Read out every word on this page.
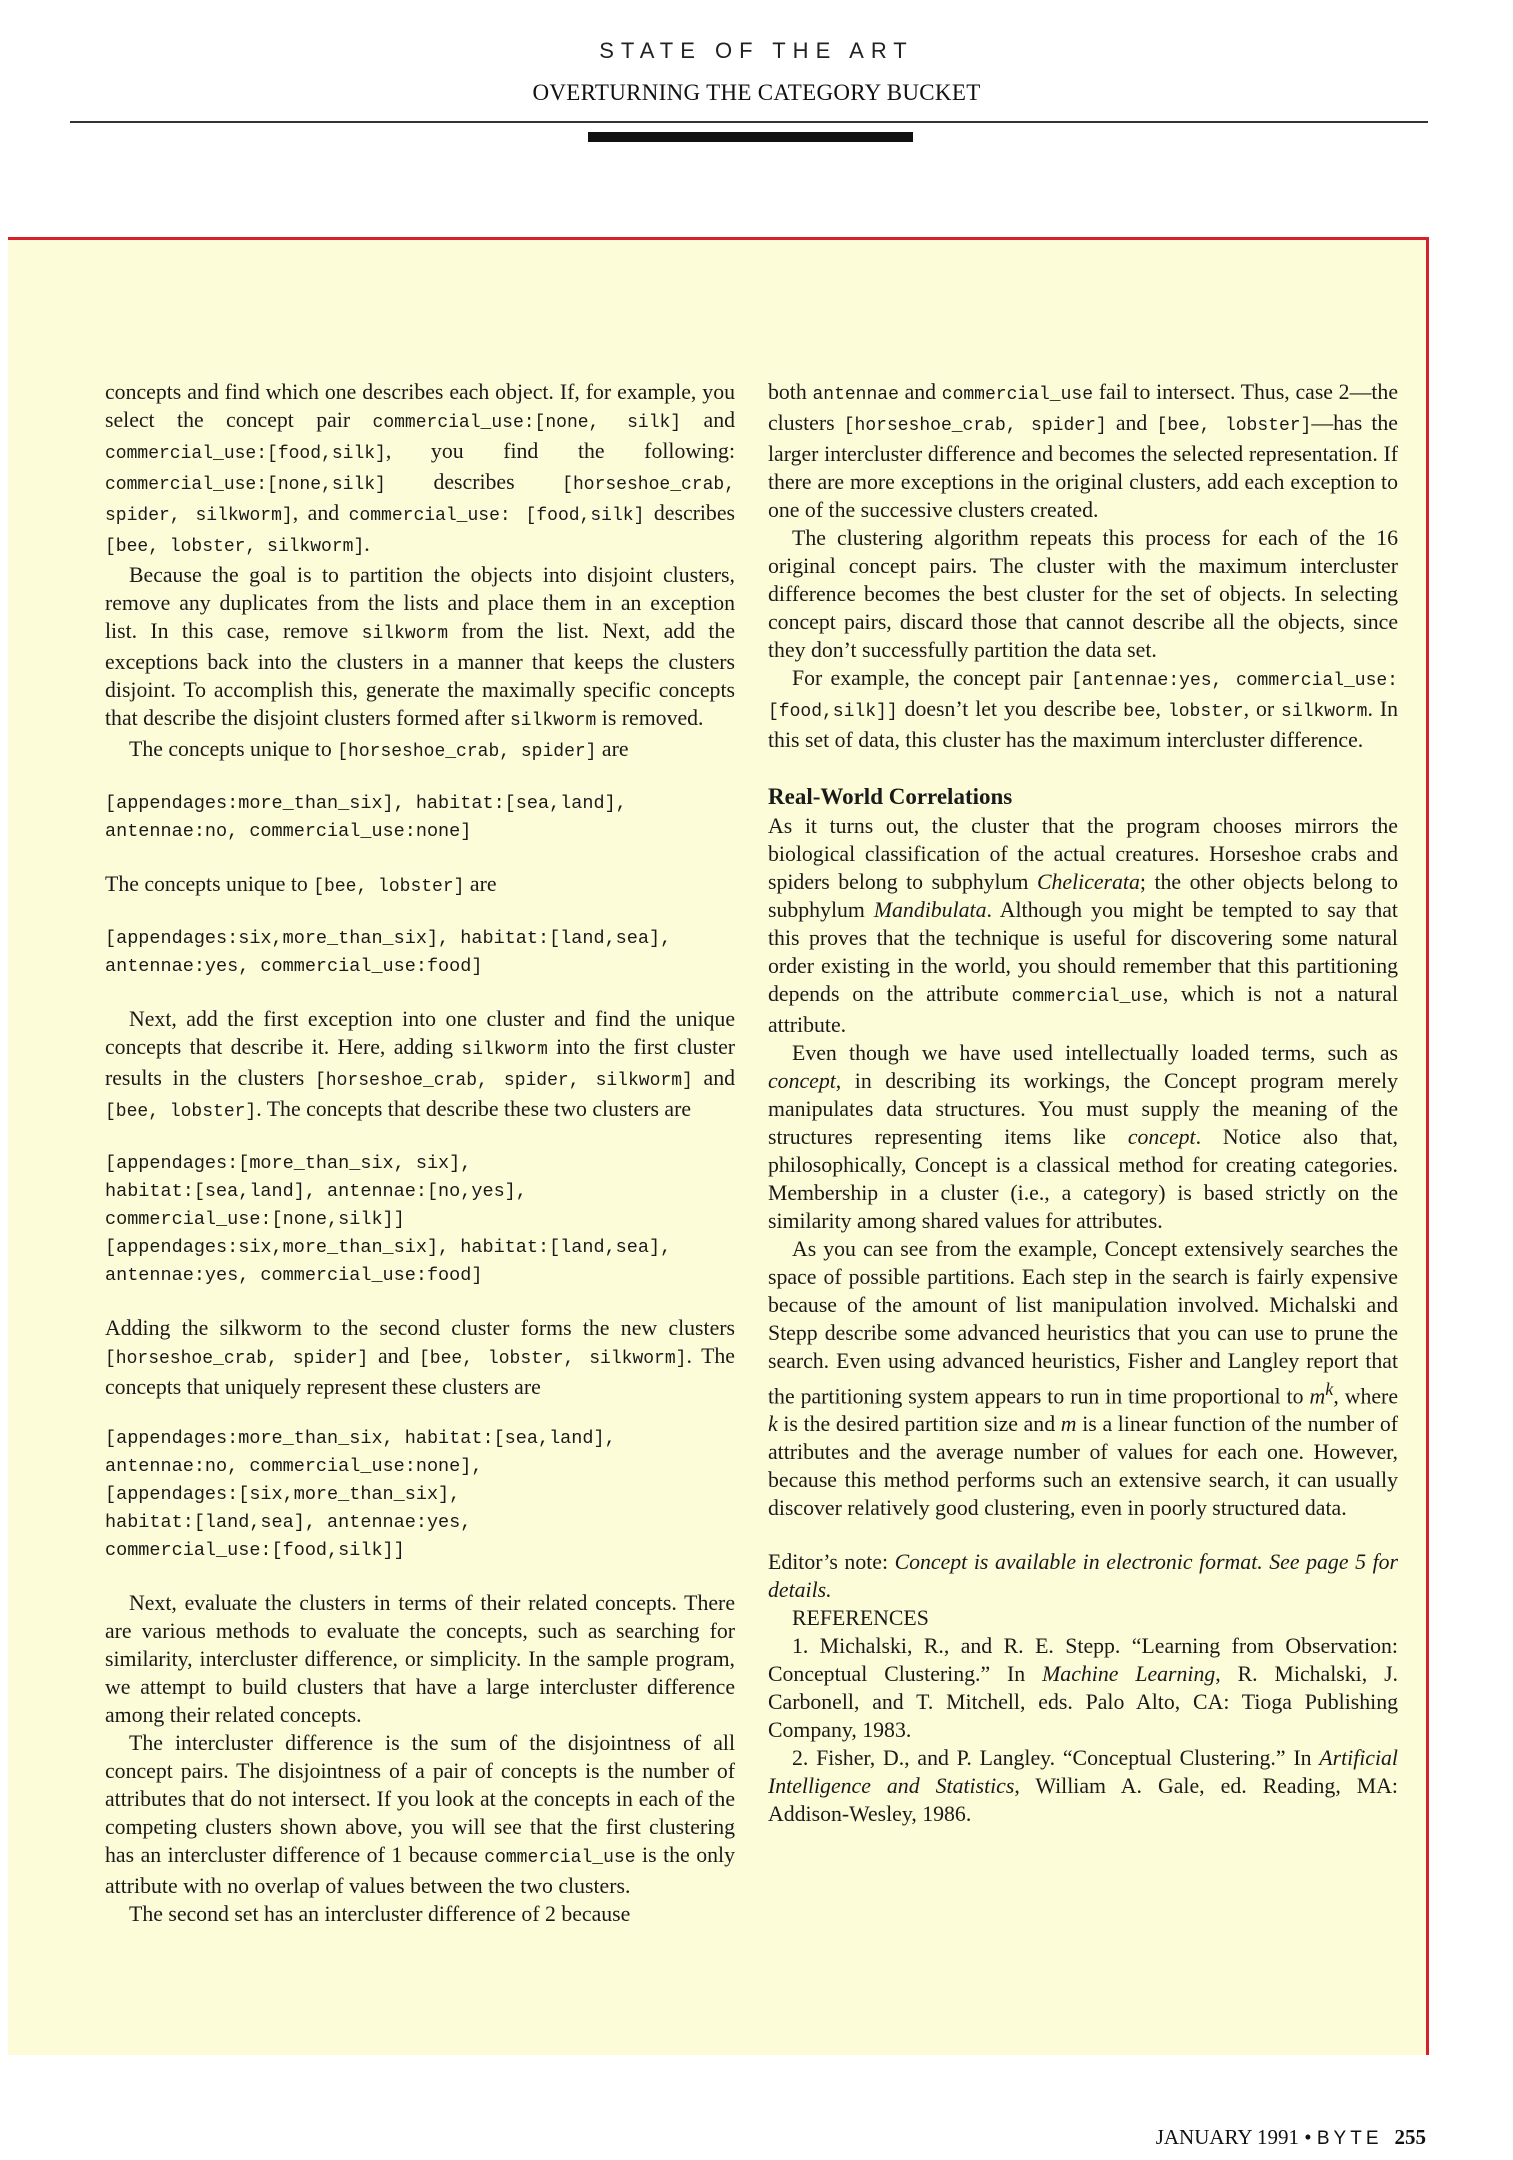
STATE OF THE ART
OVERTURNING THE CATEGORY BUCKET

concepts and find which one describes each object. If, for example, you select the concept pair commercial_use:[none, silk] and commercial_use:[food,silk], you find the following: commercial_use:[none,silk] describes [horseshoe_crab, spider, silkworm], and commercial_use: [food,silk] describes [bee, lobster, silkworm].

Because the goal is to partition the objects into disjoint clusters, remove any duplicates from the lists and place them in an exception list. In this case, remove silkworm from the list. Next, add the exceptions back into the clusters in a manner that keeps the clusters disjoint. To accomplish this, generate the maximally specific concepts that describe the disjoint clusters formed after silkworm is removed.

The concepts unique to [horseshoe_crab, spider] are

[appendages:more_than_six], habitat:[sea,land],
antennae:no, commercial_use:none]

The concepts unique to [bee, lobster] are

[appendages:six,more_than_six], habitat:[land,sea],
antennae:yes, commercial_use:food]

Next, add the first exception into one cluster and find the unique concepts that describe it. Here, adding silkworm into the first cluster results in the clusters [horseshoe_crab, spider, silkworm] and [bee, lobster]. The concepts that describe these two clusters are

[appendages:[more_than_six, six],
habitat:[sea,land], antennae:[no,yes],
commercial_use:[none,silk]]
[appendages:six,more_than_six], habitat:[land,sea],
antennae:yes, commercial_use:food]

Adding the silkworm to the second cluster forms the new clusters [horseshoe_crab, spider] and [bee, lobster, silkworm]. The concepts that uniquely represent these clusters are

[appendages:more_than_six, habitat:[sea,land],
antennae:no, commercial_use:none],
[appendages:[six,more_than_six],
habitat:[land,sea], antennae:yes,
commercial_use:[food,silk]]

Next, evaluate the clusters in terms of their related concepts. There are various methods to evaluate the concepts, such as searching for similarity, intercluster difference, or simplicity. In the sample program, we attempt to build clusters that have a large intercluster difference among their related concepts.

The intercluster difference is the sum of the disjointness of all concept pairs. The disjointness of a pair of concepts is the number of attributes that do not intersect. If you look at the concepts in each of the competing clusters shown above, you will see that the first clustering has an intercluster difference of 1 because commercial_use is the only attribute with no overlap of values between the two clusters.

The second set has an intercluster difference of 2 because

both antennae and commercial_use fail to intersect. Thus, case 2—the clusters [horseshoe_crab, spider] and [bee, lobster]—has the larger intercluster difference and becomes the selected representation. If there are more exceptions in the original clusters, add each exception to one of the successive clusters created.

The clustering algorithm repeats this process for each of the 16 original concept pairs. The cluster with the maximum intercluster difference becomes the best cluster for the set of objects. In selecting concept pairs, discard those that cannot describe all the objects, since they don’t successfully partition the data set.

For example, the concept pair [antennae:yes, commercial_use:[food,silk]] doesn’t let you describe bee, lobster, or silkworm. In this set of data, this cluster has the maximum intercluster difference.

Real-World Correlations

As it turns out, the cluster that the program chooses mirrors the biological classification of the actual creatures. Horseshoe crabs and spiders belong to subphylum Chelicerata; the other objects belong to subphylum Mandibulata. Although you might be tempted to say that this proves that the technique is useful for discovering some natural order existing in the world, you should remember that this partitioning depends on the attribute commercial_use, which is not a natural attribute.

Even though we have used intellectually loaded terms, such as concept, in describing its workings, the Concept program merely manipulates data structures. You must supply the meaning of the structures representing items like concept. Notice also that, philosophically, Concept is a classical method for creating categories. Membership in a cluster (i.e., a category) is based strictly on the similarity among shared values for attributes.

As you can see from the example, Concept extensively searches the space of possible partitions. Each step in the search is fairly expensive because of the amount of list manipulation involved. Michalski and Stepp describe some advanced heuristics that you can use to prune the search. Even using advanced heuristics, Fisher and Langley report that the partitioning system appears to run in time proportional to $m^k$, where k is the desired partition size and m is a linear function of the number of attributes and the average number of values for each one. However, because this method performs such an extensive search, it can usually discover relatively good clustering, even in poorly structured data.

Editor’s note: Concept is available in electronic format. See page 5 for details.

REFERENCES

1. Michalski, R., and R. E. Stepp. “Learning from Observation: Conceptual Clustering.” In Machine Learning, R. Michalski, J. Carbonell, and T. Mitchell, eds. Palo Alto, CA: Tioga Publishing Company, 1983.

2. Fisher, D., and P. Langley. “Conceptual Clustering.” In Artificial Intelligence and Statistics, William A. Gale, ed. Reading, MA: Addison-Wesley, 1986.

JANUARY 1991 • BYTE 255
